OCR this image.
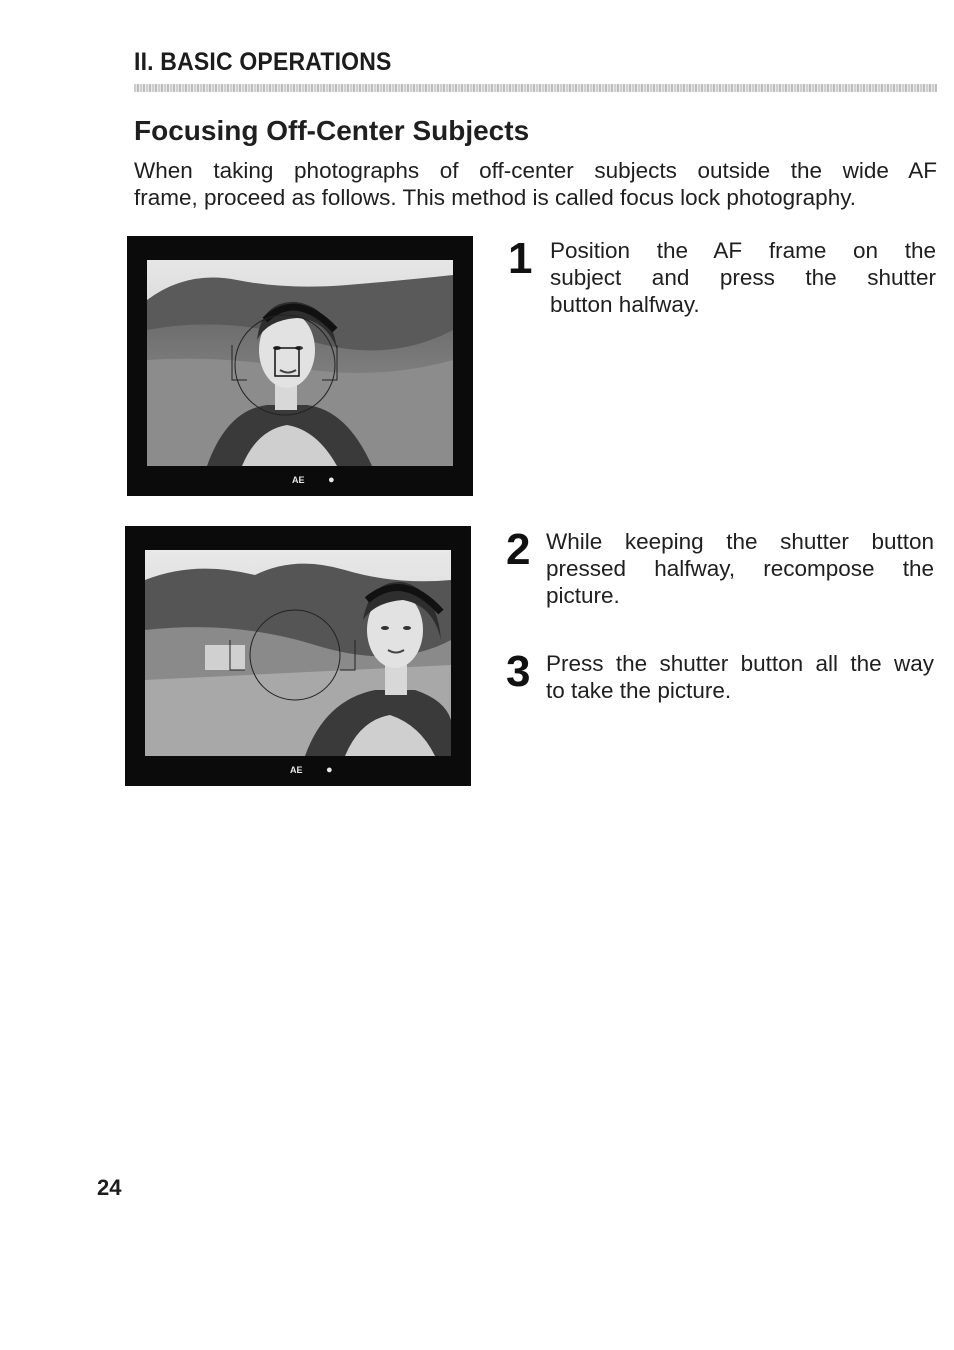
II. BASIC OPERATIONS
Focusing Off-Center Subjects

When taking photographs of off-center subjects outside the wide AF
frame, proceed as follows. This method is called focus lock photography.

AE ●
AE ●
1 Position the AF frame on the
subject and press the shutter
button halfway.

2 While keeping the shutter button
pressed halfway, recompose the
picture.

3 Press the shutter button all the way
to take the picture.

24
